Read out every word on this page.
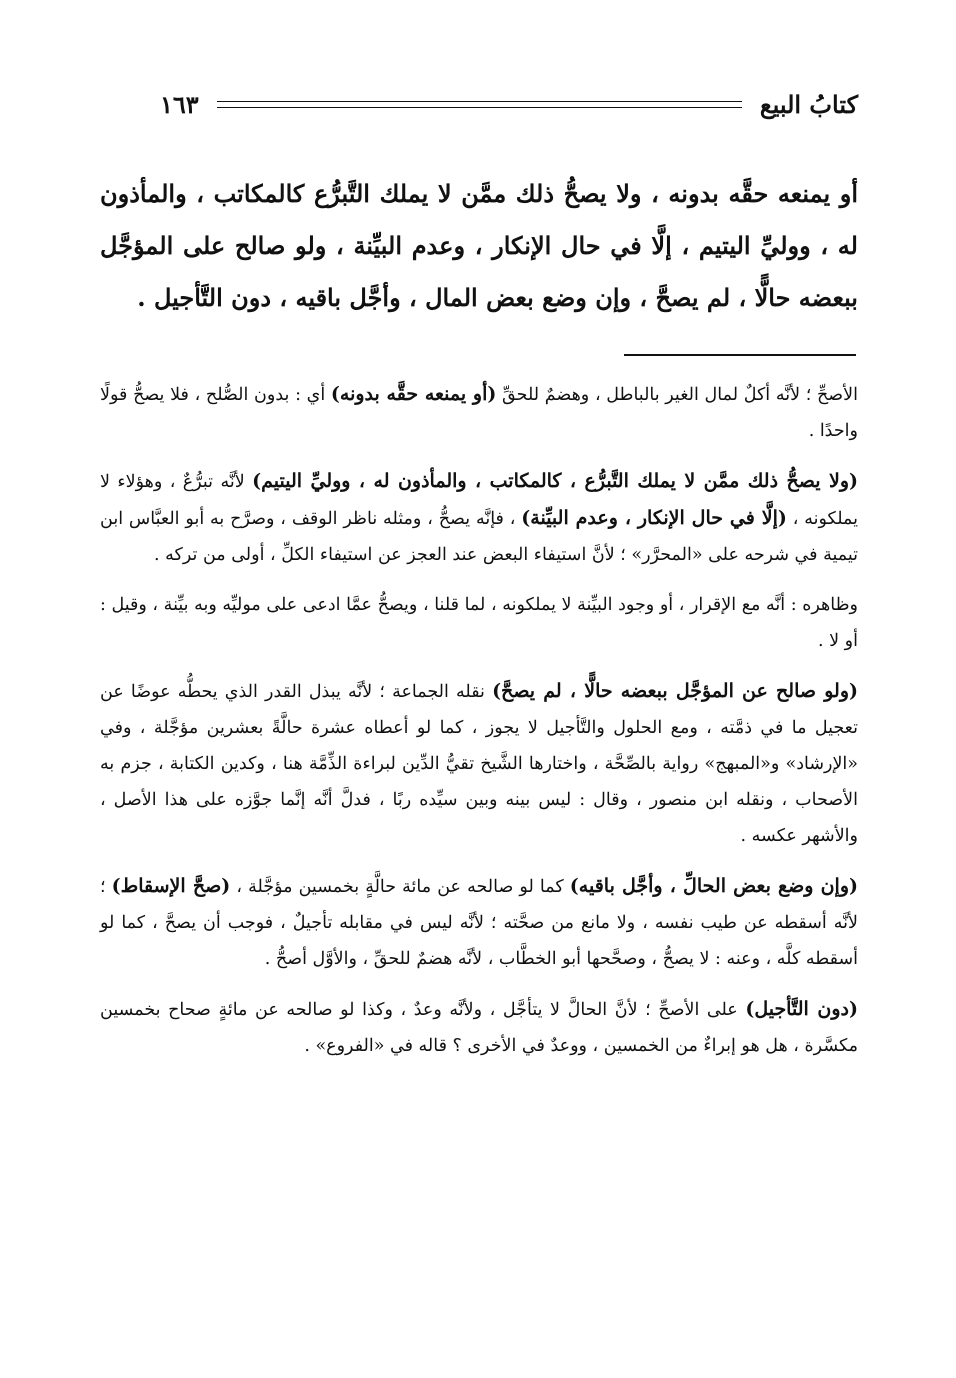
كتابُ البيع
١٦٣

أو يمنعه حقَّه بدونه ، ولا يصحُّ ذلك ممَّن لا يملك التَّبرُّع كالمكاتب ، والمأذون له ، ووليِّ اليتيم ، إلَّا في حال الإنكار ، وعدم البيِّنة ، ولو صالح على المؤجَّل ببعضه حالًّا ، لم يصحَّ ، وإن وضع بعض المال ، وأجَّل باقيه ، دون التَّأجيل .

الأصحِّ ؛ لأنَّه أكلٌ لمال الغير بالباطل ، وهضمٌ للحقِّ (أو يمنعه حقَّه بدونه) أي : بدون الصُّلح ، فلا يصحُّ قولًا واحدًا .

(ولا يصحُّ ذلك ممَّن لا يملك التَّبرُّع ، كالمكاتب ، والمأذون له ، ووليِّ اليتيم) لأنَّه تبرُّعٌ ، وهؤلاء لا يملكونه ، (إلَّا في حال الإنكار ، وعدم البيِّنة) ، فإنَّه يصحُّ ، ومثله ناظر الوقف ، وصرَّح به أبو العبَّاس ابن تيمية في شرحه على «المحرَّر» ؛ لأنَّ استيفاء البعض عند العجز عن استيفاء الكلِّ ، أولى من تركه .

وظاهره : أنَّه مع الإقرار ، أو وجود البيِّنة لا يملكونه ، لما قلنا ، ويصحُّ عمَّا ادعى على موليِّه وبه بيِّنة ، وقيل : أو لا .

(ولو صالح عن المؤجَّل ببعضه حالًّا ، لم يصحَّ) نقله الجماعة ؛ لأنَّه يبذل القدر الذي يحطُّه عوضًا عن تعجيل ما في ذمَّته ، ومع الحلول والتَّأجيل لا يجوز ، كما لو أعطاه عشرة حالَّةً بعشرين مؤجَّلة ، وفي «الإرشاد» و«المبهج» رواية بالصِّحَّة ، واختارها الشَّيخ تقيُّ الدِّين لبراءة الذِّمَّة هنا ، وكدين الكتابة ، جزم به الأصحاب ، ونقله ابن منصور ، وقال : ليس بينه وبين سيِّده ربًا ، فدلَّ أنَّه إنَّما جوَّزه على هذا الأصل ، والأشهر عكسه .

(وإن وضع بعض الحالِّ ، وأجَّل باقيه) كما لو صالحه عن مائة حالَّةٍ بخمسين مؤجَّلة ، (صحَّ الإسقاط) ؛ لأنَّه أسقطه عن طيب نفسه ، ولا مانع من صحَّته ؛ لأنَّه ليس في مقابله تأجيلٌ ، فوجب أن يصحَّ ، كما لو أسقطه كلَّه ، وعنه : لا يصحُّ ، وصحَّحها أبو الخطَّاب ، لأنَّه هضمٌ للحقِّ ، والأوَّل أصحُّ .

(دون التَّأجيل) على الأصحِّ ؛ لأنَّ الحالَّ لا يتأجَّل ، ولأنَّه وعدٌ ، وكذا لو صالحه عن مائةٍ صحاح بخمسين مكسَّرة ، هل هو إبراءٌ من الخمسين ، ووعدٌ في الأخرى ؟ قاله في «الفروع» .
